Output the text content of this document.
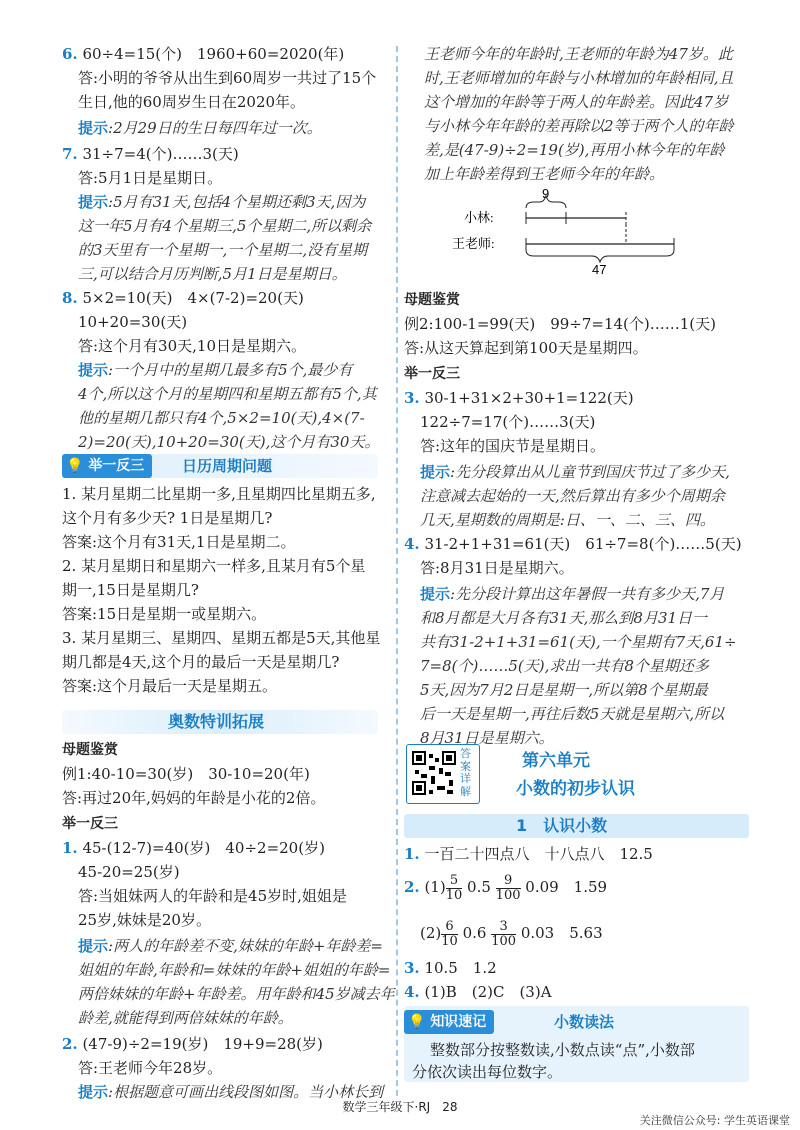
6. 60÷4=15(个)　1960+60=2020(年)
答:小明的爷爷从出生到60周岁一共过了15个
生日,他的60周岁生日在2020年。
提示:2月29日的生日每四年过一次。
7. 31÷7=4(个)……3(天)
答:5月1日是星期日。
提示:5月有31天,包括4个星期还剩3天,因为
这一年5月有4个星期三,5个星期二,所以剩余
的3天里有一个星期一,一个星期二,没有星期
三,可以结合月历判断,5月1日是星期日。
8. 5×2=10(天)　4×(7-2)=20(天)
10+20=30(天)
答:这个月有30天,10日是星期六。
提示:一个月中的星期几最多有5个,最少有
4个,所以这个月的星期四和星期五都有5个,其
他的星期几都只有4个,5×2=10(天),4×(7-
2)=20(天),10+20=30(天),这个月有30天。
💡 举一反三	日历周期问题
1. 某月星期二比星期一多,且星期四比星期五多,
这个月有多少天? 1日是星期几?
答案:这个月有31天,1日是星期二。
2. 某月星期日和星期六一样多,且某月有5个星
期一,15日是星期几?
答案:15日是星期一或星期六。
3. 某月星期三、星期四、星期五都是5天,其他星
期几都是4天,这个月的最后一天是星期几?
答案:这个月最后一天是星期五。
奥数特训拓展
母题鉴赏
例1:40-10=30(岁)　30-10=20(年)
答:再过20年,妈妈的年龄是小花的2倍。
举一反三
1. 45-(12-7)=40(岁)　40÷2=20(岁)
45-20=25(岁)
答:当姐妹两人的年龄和是45岁时,姐姐是
25岁,妹妹是20岁。
提示:两人的年龄差不变,妹妹的年龄+年龄差=
姐姐的年龄,年龄和=妹妹的年龄+姐姐的年龄=
两倍妹妹的年龄+年龄差。用年龄和45岁减去年
龄差,就能得到两倍妹妹的年龄。
2. (47-9)÷2=19(岁)　19+9=28(岁)
答:王老师今年28岁。
提示:根据题意可画出线段图如图。当小林长到
王老师今年的年龄时,王老师的年龄为47岁。此
时,王老师增加的年龄与小林增加的年龄相同,且
这个增加的年龄等于两人的年龄差。因此47岁
与小林今年年龄的差再除以2等于两个人的年龄
差,是(47-9)÷2=19(岁),再用小林今年的年龄
加上年龄差得到王老师今年的年龄。
9
小林:
王老师:
47
母题鉴赏
例2:100-1=99(天)　99÷7=14(个)……1(天)
答:从这天算起到第100天是星期四。
举一反三
3. 30-1+31×2+30+1=122(天)
122÷7=17(个)……3(天)
答:这年的国庆节是星期日。
提示:先分段算出从儿童节到国庆节过了多少天,
注意减去起始的一天,然后算出有多少个周期余
几天,星期数的周期是:日、一、二、三、四。
4. 31-2+1+31=61(天)　61÷7=8(个)……5(天)
答:8月31日是星期六。
提示:先分段计算出这年暑假一共有多少天,7月
和8月都是大月各有31天,那么到8月31日一
共有31-2+1+31=61(天),一个星期有7天,61÷
7=8(个)……5(天),求出一共有8个星期还多
5天,因为7月2日是星期一,所以第8个星期最
后一天是星期一,再往后数5天就是星期六,所以
8月31日是星期六。
答案详解
第六单元
小数的初步认识
1　认识小数
1. 一百二十四点八　十八点八　12.5
2. $(1) \frac{5}{10} 0.5 \frac{9}{100} 0.09$　1.59
$(2) \frac{6}{10} 0.6 \frac{3}{100} 0.03$　5.63
3. 10.5　1.2
4. (1)B　(2)C　(3)A
💡 知识速记	小数读法
整数部分按整数读,小数点读“点”,小数部
分依次读出每位数字。
数学三年级下·RJ　28
关注微信公众号: 学生英语课堂
